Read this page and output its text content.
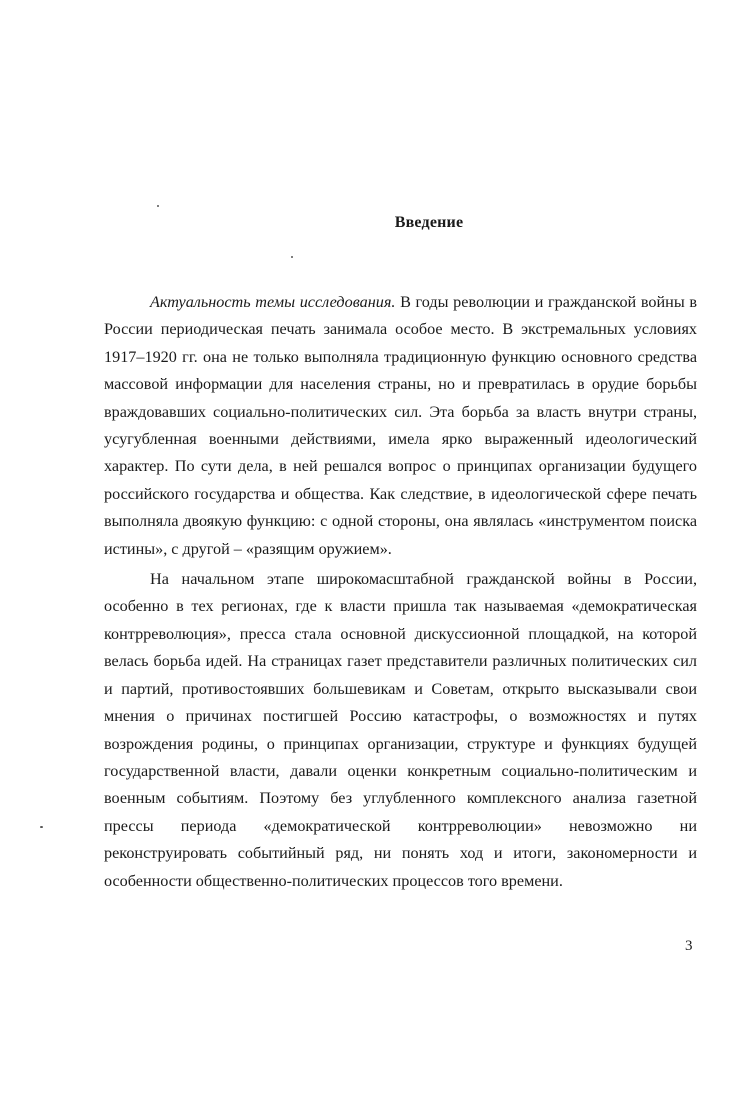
Введение

Актуальность темы исследования. В годы революции и гражданской войны в России периодическая печать занимала особое место. В экстремальных условиях 1917–1920 гг. она не только выполняла традиционную функцию основного средства массовой информации для населения страны, но и превратилась в орудие борьбы враждовавших социально-политических сил. Эта борьба за власть внутри страны, усугубленная военными действиями, имела ярко выраженный идеологический характер. По сути дела, в ней решался вопрос о принципах организации будущего российского государства и общества. Как следствие, в идеологической сфере печать выполняла двоякую функцию: с одной стороны, она являлась «инструментом поиска истины», с другой – «разящим оружием».

На начальном этапе широкомасштабной гражданской войны в России, особенно в тех регионах, где к власти пришла так называемая «демократическая контрреволюция», пресса стала основной дискуссионной площадкой, на которой велась борьба идей. На страницах газет представители различных политических сил и партий, противостоявших большевикам и Советам, открыто высказывали свои мнения о причинах постигшей Россию катастрофы, о возможностях и путях возрождения родины, о принципах организации, структуре и функциях будущей государственной власти, давали оценки конкретным социально-политическим и военным событиям. Поэтому без углубленного комплексного анализа газетной прессы периода «демократической контрреволюции» невозможно ни реконструировать событийный ряд, ни понять ход и итоги, закономерности и особенности общественно-политических процессов того времени.

3
